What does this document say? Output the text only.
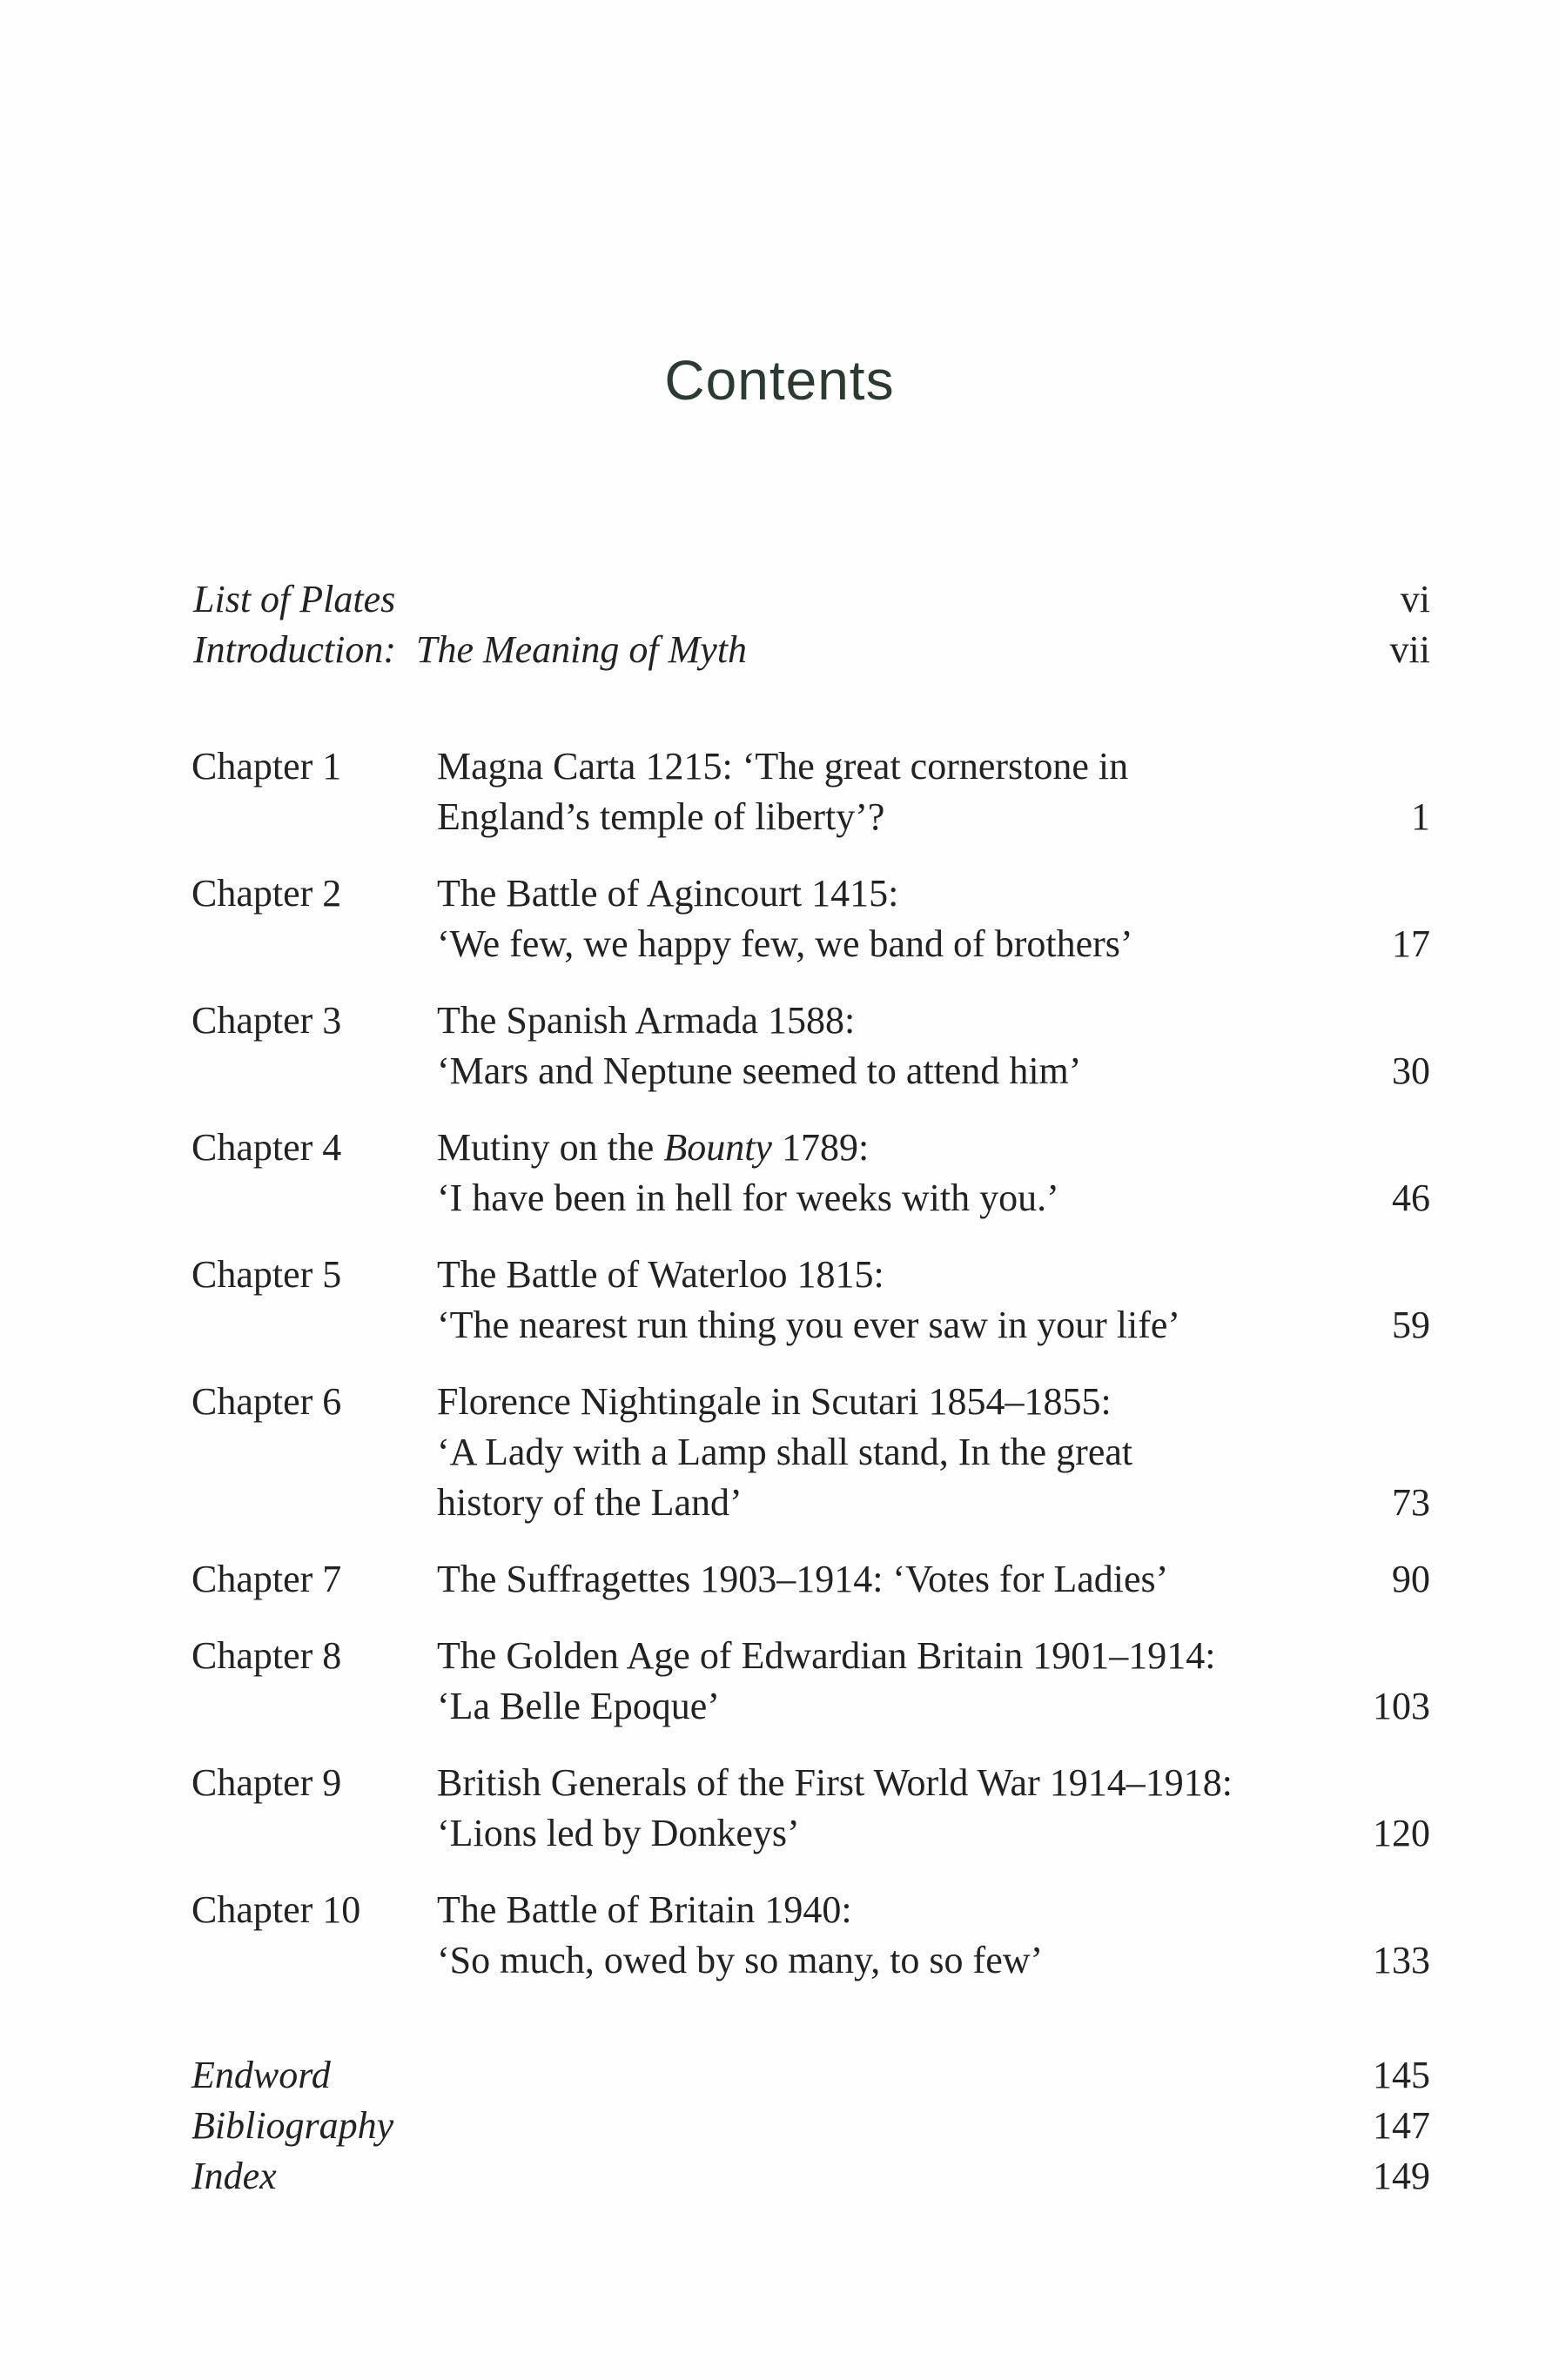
Contents
List of Plates	vi
Introduction: The Meaning of Myth	vii
Chapter 1 Magna Carta 1215: ‘The great cornerstone in
England’s temple of liberty’?	1
Chapter 2 The Battle of Agincourt 1415:
‘We few, we happy few, we band of brothers’	17
Chapter 3 The Spanish Armada 1588:
‘Mars and Neptune seemed to attend him’	30
Chapter 4 Mutiny on the Bounty 1789:
‘I have been in hell for weeks with you.’	46
Chapter 5 The Battle of Waterloo 1815:
‘The nearest run thing you ever saw in your life’	59
Chapter 6 Florence Nightingale in Scutari 1854–1855:
‘A Lady with a Lamp shall stand, In the great
history of the Land’	73
Chapter 7 The Suffragettes 1903–1914: ‘Votes for Ladies’	90
Chapter 8 The Golden Age of Edwardian Britain 1901–1914:
‘La Belle Epoque’	103
Chapter 9 British Generals of the First World War 1914–1918:
‘Lions led by Donkeys’	120
Chapter 10 The Battle of Britain 1940:
‘So much, owed by so many, to so few’	133
Endword	145
Bibliography	147
Index	149
